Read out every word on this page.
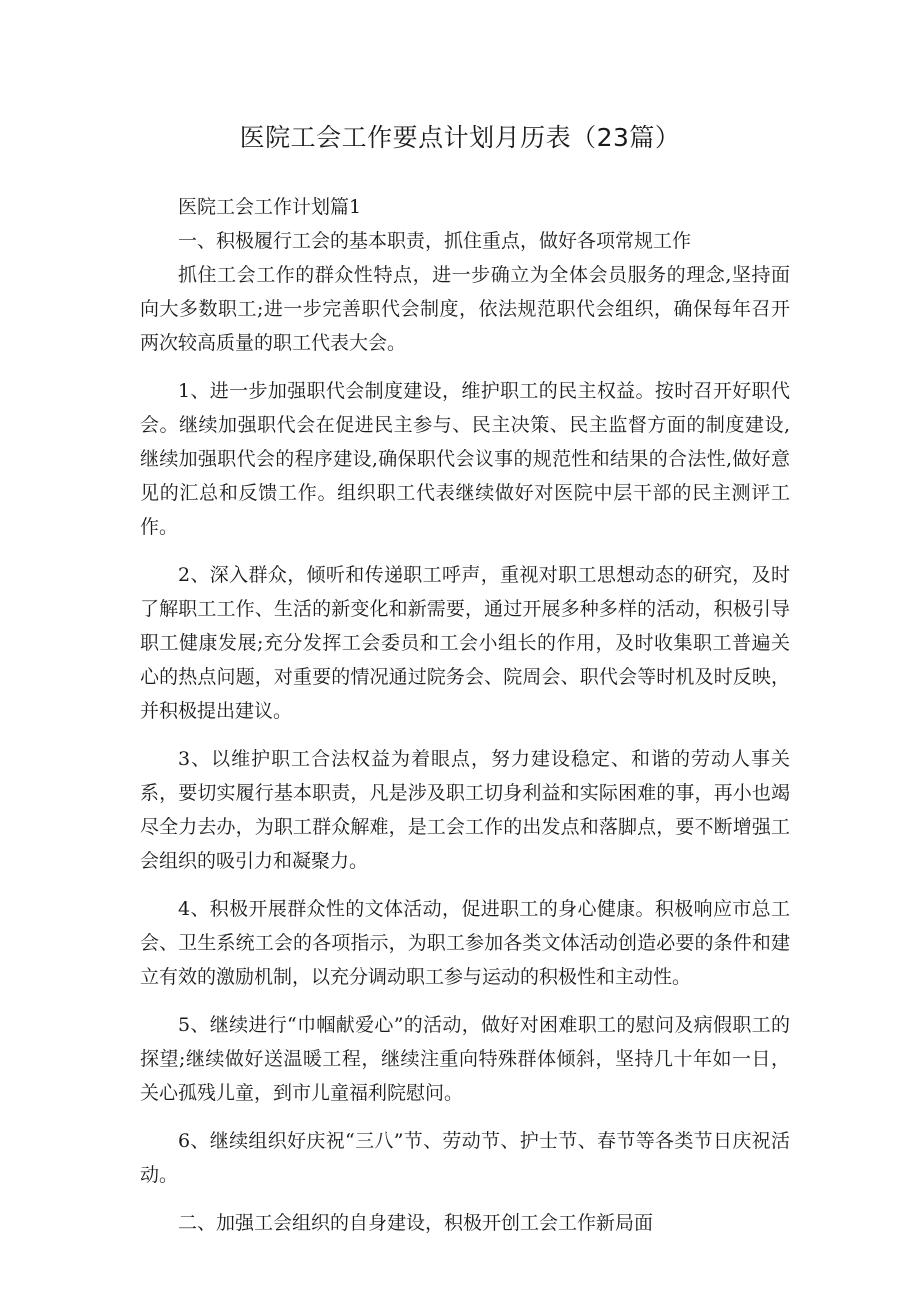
医院工会工作要点计划月历表（23篇）

医院工会工作计划篇1

一、积极履行工会的基本职责，抓住重点，做好各项常规工作

抓住工会工作的群众性特点，进一步确立为全体会员服务的理念,坚持面向大多数职工;进一步完善职代会制度，依法规范职代会组织，确保每年召开两次较高质量的职工代表大会。

1、进一步加强职代会制度建设，维护职工的民主权益。按时召开好职代会。继续加强职代会在促进民主参与、民主决策、民主监督方面的制度建设,继续加强职代会的程序建设,确保职代会议事的规范性和结果的合法性,做好意见的汇总和反馈工作。组织职工代表继续做好对医院中层干部的民主测评工作。

2、深入群众，倾听和传递职工呼声，重视对职工思想动态的研究，及时了解职工工作、生活的新变化和新需要，通过开展多种多样的活动，积极引导职工健康发展;充分发挥工会委员和工会小组长的作用，及时收集职工普遍关心的热点问题，对重要的情况通过院务会、院周会、职代会等时机及时反映，并积极提出建议。

3、以维护职工合法权益为着眼点，努力建设稳定、和谐的劳动人事关系，要切实履行基本职责，凡是涉及职工切身利益和实际困难的事，再小也竭尽全力去办，为职工群众解难，是工会工作的出发点和落脚点，要不断增强工会组织的吸引力和凝聚力。

4、积极开展群众性的文体活动，促进职工的身心健康。积极响应市总工会、卫生系统工会的各项指示，为职工参加各类文体活动创造必要的条件和建立有效的激励机制，以充分调动职工参与运动的积极性和主动性。

5、继续进行“巾帼献爱心”的活动，做好对困难职工的慰问及病假职工的探望;继续做好送温暖工程，继续注重向特殊群体倾斜，坚持几十年如一日，关心孤残儿童，到市儿童福利院慰问。

6、继续组织好庆祝“三八”节、劳动节、护士节、春节等各类节日庆祝活动。

二、加强工会组织的自身建设，积极开创工会工作新局面
